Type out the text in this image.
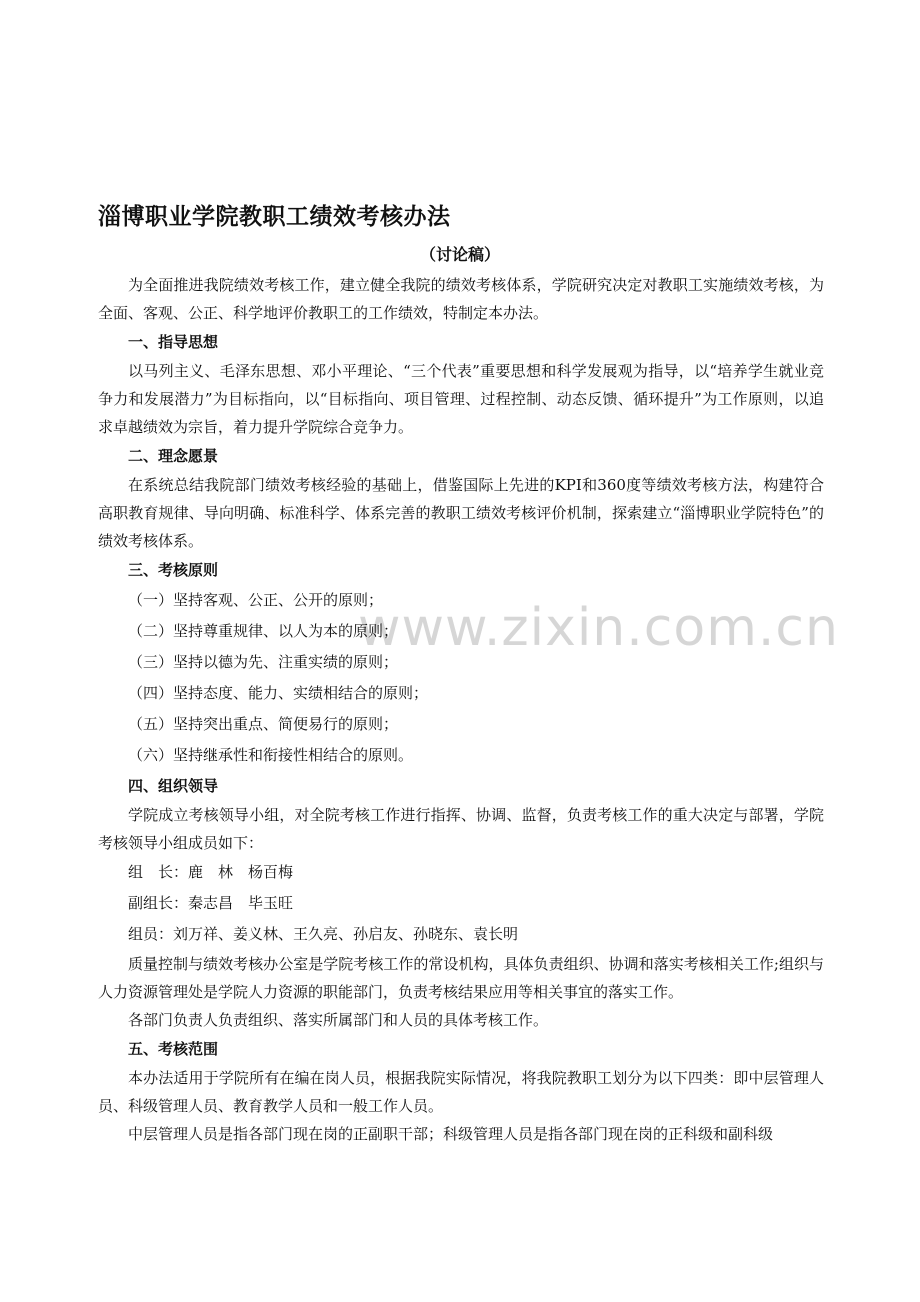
www.zixin.com.cn
淄博职业学院教职工绩效考核办法
（讨论稿）

为全面推进我院绩效考核工作，建立健全我院的绩效考核体系，学院研究决定对教职工实施绩效考核，为全面、客观、公正、科学地评价教职工的工作绩效，特制定本办法。

一、指导思想

以马列主义、毛泽东思想、邓小平理论、“三个代表”重要思想和科学发展观为指导，以“培养学生就业竞争力和发展潜力”为目标指向，以“目标指向、项目管理、过程控制、动态反馈、循环提升”为工作原则，以追求卓越绩效为宗旨，着力提升学院综合竞争力。

二、理念愿景

在系统总结我院部门绩效考核经验的基础上，借鉴国际上先进的KPI和360度等绩效考核方法，构建符合高职教育规律、导向明确、标准科学、体系完善的教职工绩效考核评价机制，探索建立“淄博职业学院特色”的绩效考核体系。

三、考核原则

（一）坚持客观、公正、公开的原则；

（二）坚持尊重规律、以人为本的原则；

（三）坚持以德为先、注重实绩的原则；

（四）坚持态度、能力、实绩相结合的原则；

（五）坚持突出重点、简便易行的原则；

（六）坚持继承性和衔接性相结合的原则。

四、组织领导

学院成立考核领导小组，对全院考核工作进行指挥、协调、监督，负责考核工作的重大决定与部署，学院考核领导小组成员如下：

组　长：鹿　林　杨百梅

副组长：秦志昌　毕玉旺

组员：刘万祥、姜义林、王久亮、孙启友、孙晓东、袁长明

质量控制与绩效考核办公室是学院考核工作的常设机构，具体负责组织、协调和落实考核相关工作;组织与人力资源管理处是学院人力资源的职能部门，负责考核结果应用等相关事宜的落实工作。

各部门负责人负责组织、落实所属部门和人员的具体考核工作。

五、考核范围

本办法适用于学院所有在编在岗人员，根据我院实际情况，将我院教职工划分为以下四类：即中层管理人员、科级管理人员、教育教学人员和一般工作人员。

中层管理人员是指各部门现在岗的正副职干部；科级管理人员是指各部门现在岗的正科级和副科级
